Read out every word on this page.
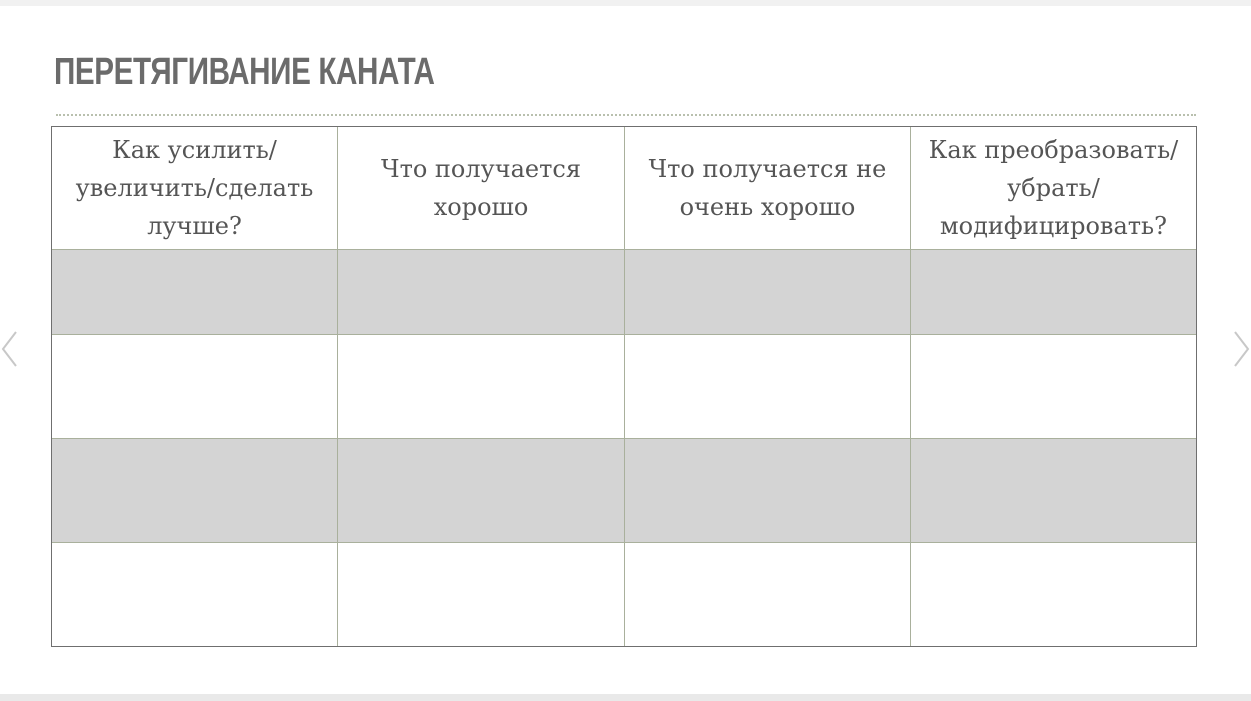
ПЕРЕТЯГИВАНИЕ КАНАТА
Как усилить/ увеличить/сделать лучше?
Что получается хорошо
Что получается не очень хорошо
Как преобразовать/ убрать/ модифицировать?
